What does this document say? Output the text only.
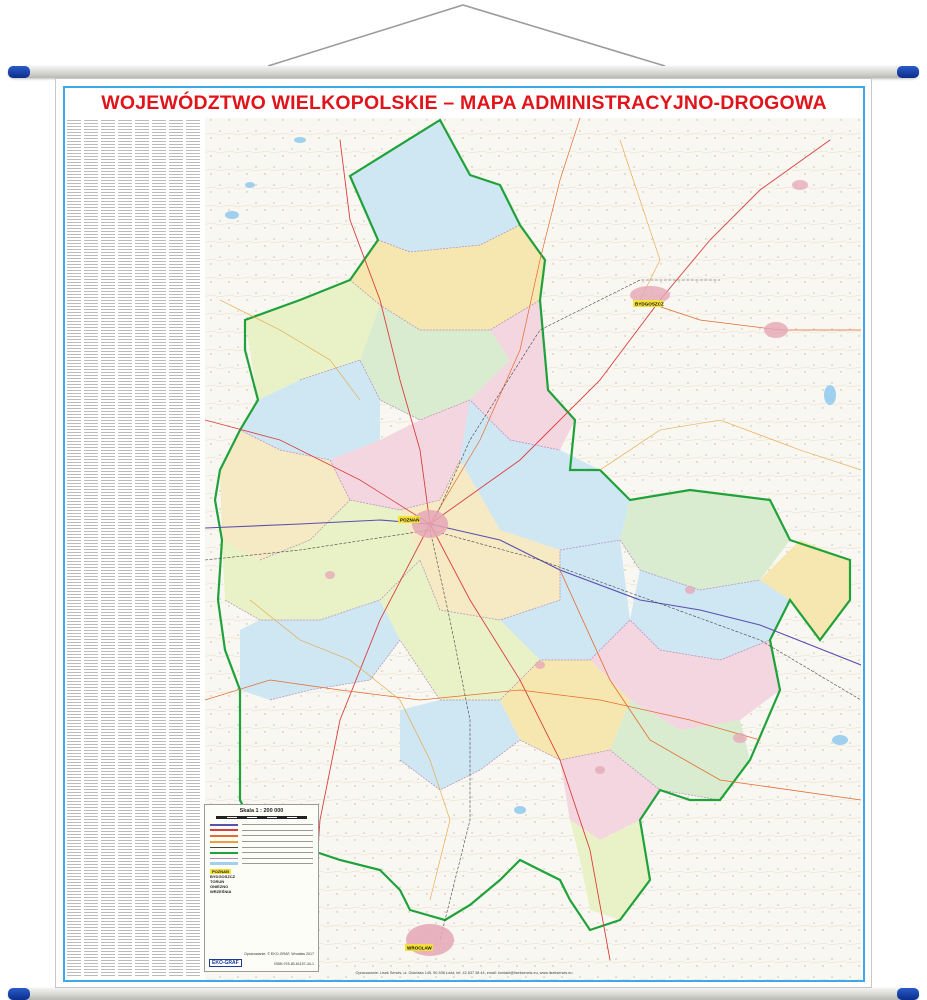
WOJEWÓDZTWO WIELKOPOLSKIE – MAPA ADMINISTRACYJNO-DROGOWA
POZNAŃ
BYDGOSZCZ
WROCŁAW
Skala 1 : 200 000
POZNAŃ
BYDGOSZCZ
TORUŃ
GNIEZNO
WRZEŚNIA
Opracowanie: © EKO-GRAF, Wrocław 2017
ISBN 978-83-61157-44-1
EKO-GRAF
Opracowanie: Lisek Serwis, ul. Gdańska 145, 90-536 Łódź, tel. 42 637 38 44, email: kontakt@lisekserwis.eu, www.lisekserwis.eu
